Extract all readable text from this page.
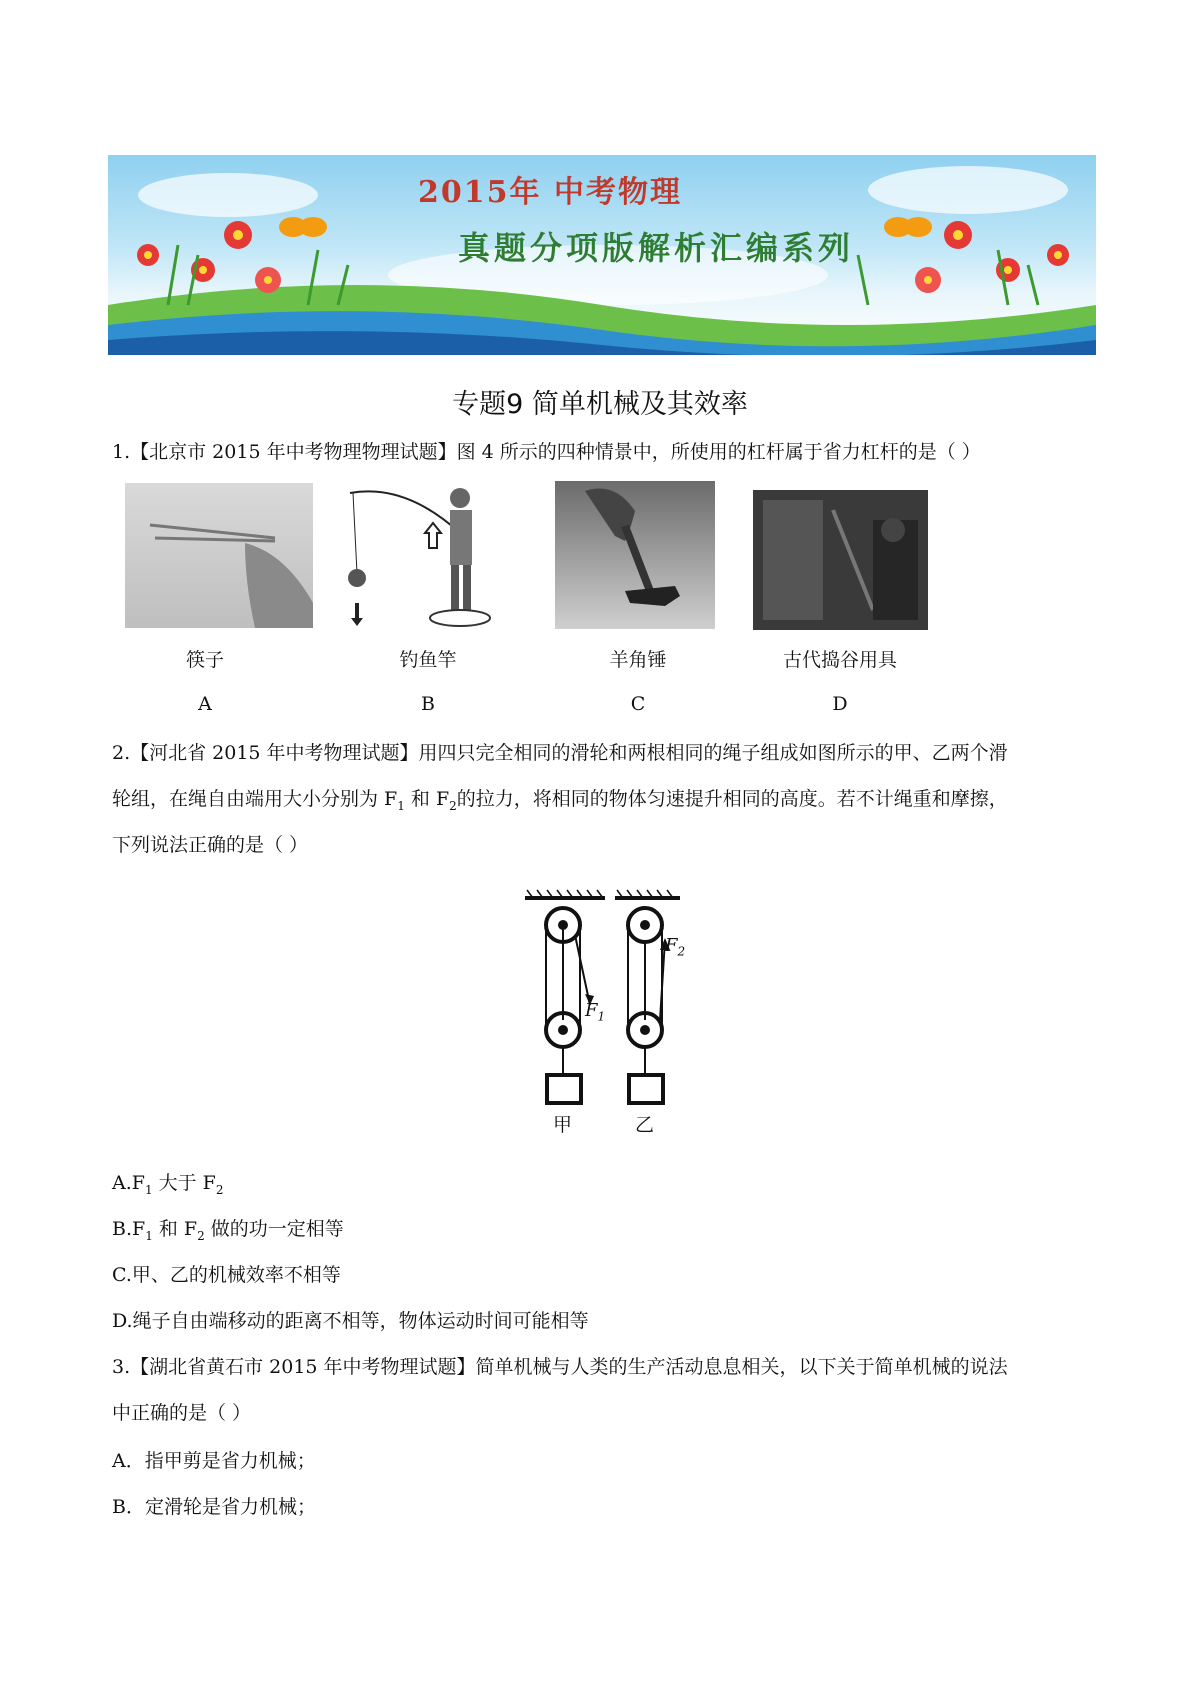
2015年 中考物理
真题分项版解析汇编系列
专题9 简单机械及其效率
1.【北京市 2015 年中考物理物理试题】图 4 所示的四种情景中，所使用的杠杆属于省力杠杆的是（ ）
筷子	钓鱼竿	羊角锤	古代捣谷用具
A	B	C	D
2.【河北省 2015 年中考物理试题】用四只完全相同的滑轮和两根相同的绳子组成如图所示的甲、乙两个滑
轮组，在绳自由端用大小分别为 $F_1$ 和 $F_2$的拉力，将相同的物体匀速提升相同的高度。若不计绳重和摩擦，
下列说法正确的是（ ）
$F_1$
$F_2$
甲	乙
$A.F_1$ 大于 $F_2$
$B.F_1$ 和 $F_2$ 做的功一定相等
C.甲、乙的机械效率不相等
D.绳子自由端移动的距离不相等，物体运动时间可能相等
3.【湖北省黄石市 2015 年中考物理试题】简单机械与人类的生产活动息息相关，以下关于简单机械的说法
中正确的是（ ）
A．指甲剪是省力机械；
B．定滑轮是省力机械；
